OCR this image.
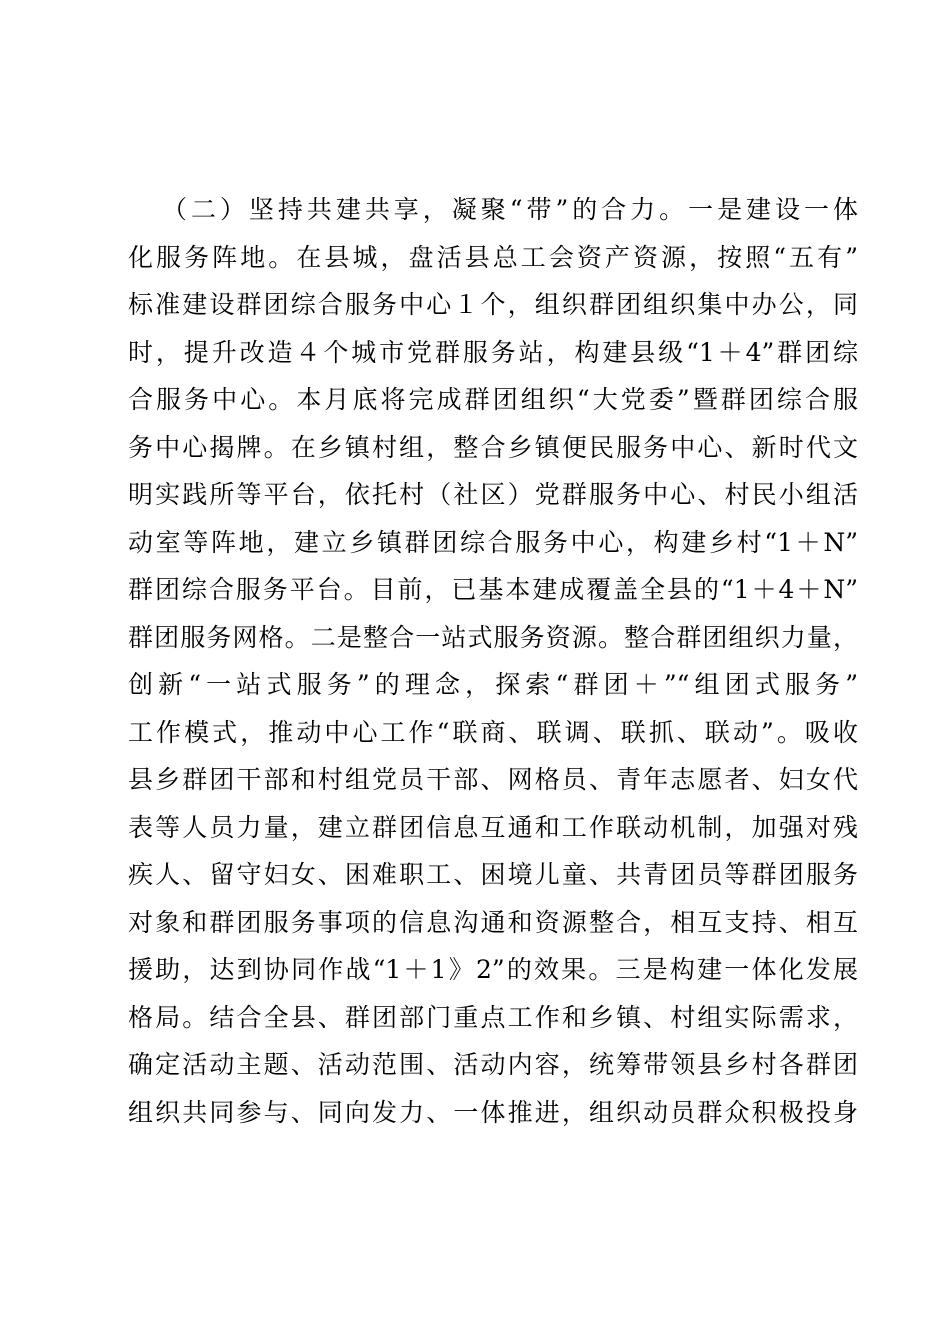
（二）坚持共建共享，凝聚“带”的合力。一是建设一体
化服务阵地。在县城，盘活县总工会资产资源，按照“五有”
标准建设群团综合服务中心１个，组织群团组织集中办公，同
时，提升改造４个城市党群服务站，构建县级“1＋4”群团综
合服务中心。本月底将完成群团组织“大党委”暨群团综合服
务中心揭牌。在乡镇村组，整合乡镇便民服务中心、新时代文
明实践所等平台，依托村（社区）党群服务中心、村民小组活
动室等阵地，建立乡镇群团综合服务中心，构建乡村“1＋N”
群团综合服务平台。目前，已基本建成覆盖全县的“1＋4＋N”
群团服务网格。二是整合一站式服务资源。整合群团组织力量，
创新“一站式服务”的理念，探索“群团＋”“组团式服务”
工作模式，推动中心工作“联商、联调、联抓、联动”。吸收
县乡群团干部和村组党员干部、网格员、青年志愿者、妇女代
表等人员力量，建立群团信息互通和工作联动机制，加强对残
疾人、留守妇女、困难职工、困境儿童、共青团员等群团服务
对象和群团服务事项的信息沟通和资源整合，相互支持、相互
援助，达到协同作战“1＋1》2”的效果。三是构建一体化发展
格局。结合全县、群团部门重点工作和乡镇、村组实际需求，
确定活动主题、活动范围、活动内容，统筹带领县乡村各群团
组织共同参与、同向发力、一体推进，组织动员群众积极投身
